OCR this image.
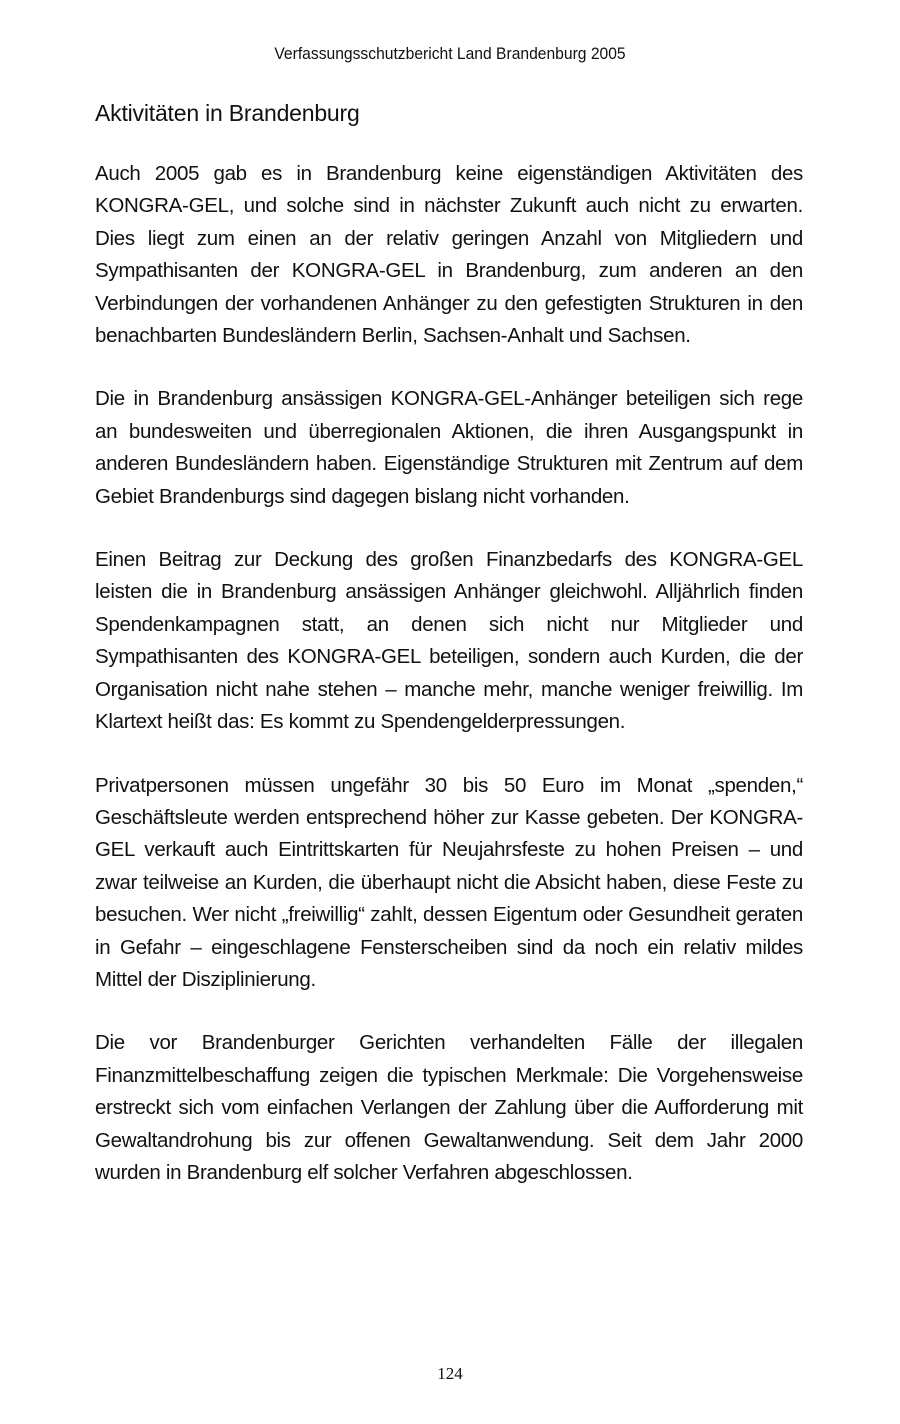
Verfassungsschutzbericht Land Brandenburg 2005
Aktivitäten in Brandenburg

Auch 2005 gab es in Brandenburg keine eigenständigen Aktivitäten des KONGRA-GEL, und solche sind in nächster Zukunft auch nicht zu erwarten. Dies liegt zum einen an der relativ geringen Anzahl von Mitgliedern und Sympathisanten der KONGRA-GEL in Brandenburg, zum anderen an den Verbindungen der vorhandenen Anhänger zu den gefestigten Strukturen in den benachbarten Bundesländern Berlin, Sachsen-Anhalt und Sachsen.

Die in Brandenburg ansässigen KONGRA-GEL-Anhänger beteiligen sich rege an bundesweiten und überregionalen Aktionen, die ihren Ausgangspunkt in anderen Bundesländern haben. Eigenständige Strukturen mit Zentrum auf dem Gebiet Brandenburgs sind dagegen bislang nicht vorhanden.

Einen Beitrag zur Deckung des großen Finanzbedarfs des KONGRA-GEL leisten die in Brandenburg ansässigen Anhänger gleichwohl. Alljährlich finden Spendenkampagnen statt, an denen sich nicht nur Mitglieder und Sympathisanten des KONGRA-GEL beteiligen, sondern auch Kurden, die der Organisation nicht nahe stehen – manche mehr, manche weniger freiwillig. Im Klartext heißt das: Es kommt zu Spendengelderpressungen.

Privatpersonen müssen ungefähr 30 bis 50 Euro im Monat „spenden,“ Geschäftsleute werden entsprechend höher zur Kasse gebeten. Der KONGRA-GEL verkauft auch Eintrittskarten für Neujahrsfeste zu hohen Preisen – und zwar teilweise an Kurden, die überhaupt nicht die Absicht haben, diese Feste zu besuchen. Wer nicht „freiwillig“ zahlt, dessen Eigentum oder Gesundheit geraten in Gefahr – eingeschlagene Fensterscheiben sind da noch ein relativ mildes Mittel der Disziplinierung.

Die vor Brandenburger Gerichten verhandelten Fälle der illegalen Finanzmittelbeschaffung zeigen die typischen Merkmale: Die Vorgehensweise erstreckt sich vom einfachen Verlangen der Zahlung über die Aufforderung mit Gewaltandrohung bis zur offenen Gewaltanwendung. Seit dem Jahr 2000 wurden in Brandenburg elf solcher Verfahren abgeschlossen.

124
